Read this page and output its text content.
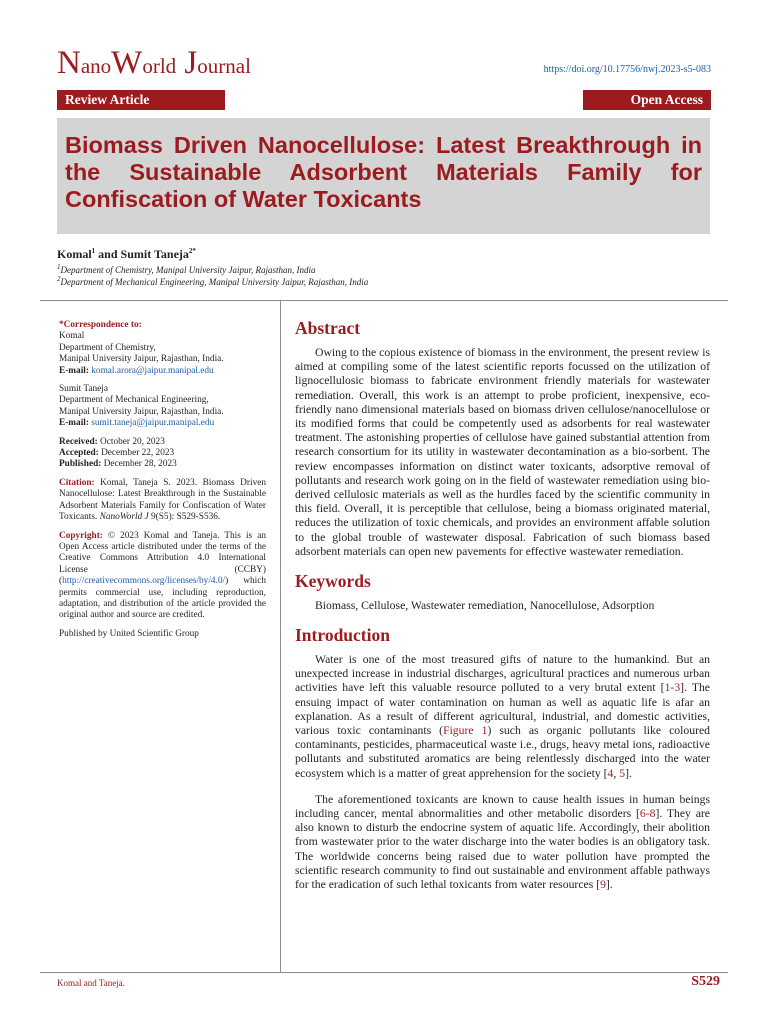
NanoWorld Journal	https://doi.org/10.17756/nwj.2023-s5-083
Review Article	Open Access
Biomass Driven Nanocellulose: Latest Breakthrough in the Sustainable Adsorbent Materials Family for Confiscation of Water Toxicants
Komal$^1$ and Sumit Taneja$^{2*}$
$^1$Department of Chemistry, Manipal University Jaipur, Rajasthan, India
$^2$Department of Mechanical Engineering, Manipal University Jaipur, Rajasthan, India

*Correspondence to:
Komal
Department of Chemistry,
Manipal University Jaipur, Rajasthan, India.
E-mail: komal.arora@jaipur.manipal.edu

Sumit Taneja
Department of Mechanical Engineering,
Manipal University Jaipur, Rajasthan, India.
E-mail: sumit.taneja@jaipur.manipal.edu

Received: October 20, 2023
Accepted: December 22, 2023
Published: December 28, 2023

Citation: Komal, Taneja S. 2023. Biomass Driven Nanocellulose: Latest Breakthrough in the Sustainable Adsorbent Materials Family for Confiscation of Water Toxicants. NanoWorld J 9(S5): S529-S536.

Copyright: © 2023 Komal and Taneja. This is an Open Access article distributed under the terms of the Creative Commons Attribution 4.0 International License (CCBY) (http://creativecommons.org/licenses/by/4.0/) which permits commercial use, including reproduction, adaptation, and distribution of the article provided the original author and source are credited.

Published by United Scientific Group

Abstract

Owing to the copious existence of biomass in the environment, the present review is aimed at compiling some of the latest scientific reports focussed on the utilization of lignocellulosic biomass to fabricate environment friendly materials for wastewater remediation. Overall, this work is an attempt to probe proficient, inexpensive, eco-friendly nano dimensional materials based on biomass driven cellulose/nanocellulose or its modified forms that could be competently used as adsorbents for real wastewater treatment. The astonishing properties of cellulose have gained substantial attention from research consortium for its utility in wastewater decontamination as a bio-sorbent. The review encompasses information on distinct water toxicants, adsorptive removal of pollutants and research work going on in the field of wastewater remediation using bio-derived cellulosic materials as well as the hurdles faced by the scientific community in this field. Overall, it is perceptible that cellulose, being a biomass originated material, reduces the utilization of toxic chemicals, and provides an environment affable solution to the global trouble of wastewater disposal. Fabrication of such biomass based adsorbent materials can open new pavements for effective wastewater remediation.

Keywords

Biomass, Cellulose, Wastewater remediation, Nanocellulose, Adsorption

Introduction

Water is one of the most treasured gifts of nature to the humankind. But an unexpected increase in industrial discharges, agricultural practices and numerous urban activities have left this valuable resource polluted to a very brutal extent [1-3]. The ensuing impact of water contamination on human as well as aquatic life is afar an explanation. As a result of different agricultural, industrial, and domestic activities, various toxic contaminants (Figure 1) such as organic pollutants like coloured contaminants, pesticides, pharmaceutical waste i.e., drugs, heavy metal ions, radioactive pollutants and substituted aromatics are being relentlessly discharged into the water ecosystem which is a matter of great apprehension for the society [4, 5].

The aforementioned toxicants are known to cause health issues in human beings including cancer, mental abnormalities and other metabolic disorders [6-8]. They are also known to disturb the endocrine system of aquatic life. Accordingly, their abolition from wastewater prior to the water discharge into the water bodies is an obligatory task. The worldwide concerns being raised due to water pollution have prompted the scientific research community to find out sustainable and environment affable pathways for the eradication of such lethal toxicants from water resources [9].

Komal and Taneja.	S529
